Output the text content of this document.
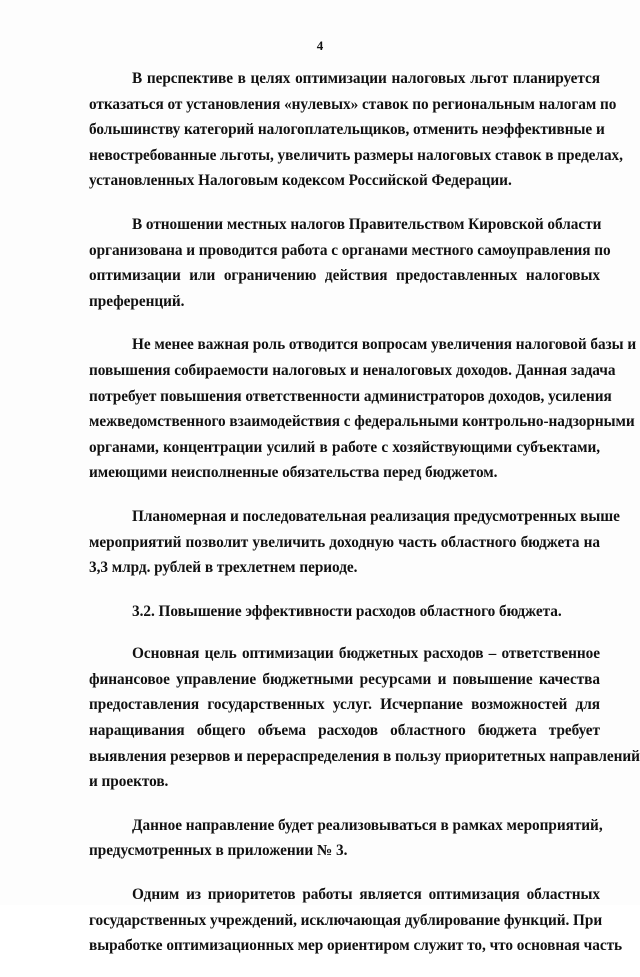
4

В перспективе в целях оптимизации налоговых льгот планируется
отказаться от установления «нулевых» ставок по региональным налогам по
большинству категорий налогоплательщиков, отменить неэффективные и
невостребованные льготы, увеличить размеры налоговых ставок в пределах,
установленных Налоговым кодексом Российской Федерации.

В отношении местных налогов Правительством Кировской области
организована и проводится работа с органами местного самоуправления по
оптимизации или ограничению действия предоставленных налоговых
преференций.

Не менее важная роль отводится вопросам увеличения налоговой базы и
повышения собираемости налоговых и неналоговых доходов. Данная задача
потребует повышения ответственности администраторов доходов, усиления
межведомственного взаимодействия с федеральными контрольно-надзорными
органами, концентрации усилий в работе с хозяйствующими субъектами,
имеющими неисполненные обязательства перед бюджетом.

Планомерная и последовательная реализация предусмотренных выше
мероприятий позволит увеличить доходную часть областного бюджета на
3,3 млрд. рублей в трехлетнем периоде.

3.2. Повышение эффективности расходов областного бюджета.

Основная цель оптимизации бюджетных расходов – ответственное
финансовое управление бюджетными ресурсами и повышение качества
предоставления государственных услуг. Исчерпание возможностей для
наращивания общего объема расходов областного бюджета требует
выявления резервов и перераспределения в пользу приоритетных направлений
и проектов.

Данное направление будет реализовываться в рамках мероприятий,
предусмотренных в приложении № 3.

Одним из приоритетов работы является оптимизация областных
государственных учреждений, исключающая дублирование функций. При
выработке оптимизационных мер ориентиром служит то, что основная часть
